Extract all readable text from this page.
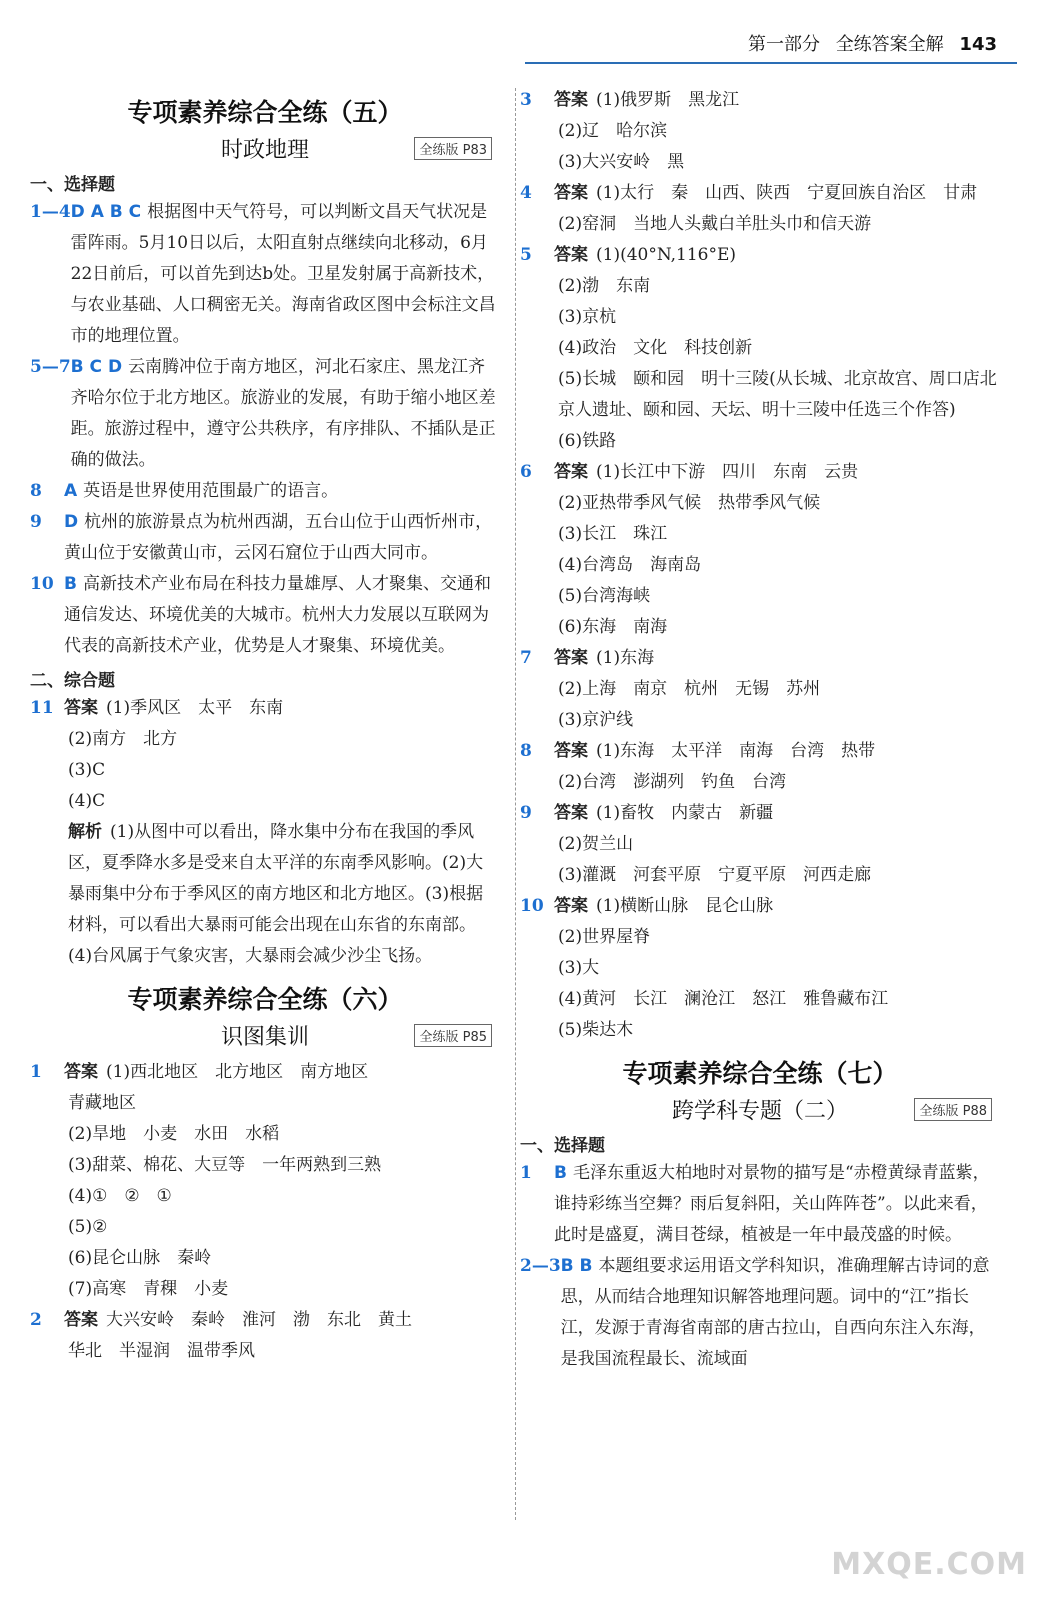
第一部分 全练答案全解 143
专项素养综合全练（五）
时政地理	全练版 P83
一、选择题
1—4 D A B C 根据图中天气符号，可以判断文昌天气状况是雷阵雨。5月10日以后，太阳直射点继续向北移动，6月22日前后，可以首先到达b处。卫星发射属于高新技术，与农业基础、人口稠密无关。海南省政区图中会标注文昌市的地理位置。
5—7 B C D 云南腾冲位于南方地区，河北石家庄、黑龙江齐齐哈尔位于北方地区。旅游业的发展，有助于缩小地区差距。旅游过程中，遵守公共秩序，有序排队、不插队是正确的做法。
8	A 英语是世界使用范围最广的语言。
9	D 杭州的旅游景点为杭州西湖，五台山位于山西忻州市，黄山位于安徽黄山市，云冈石窟位于山西大同市。
10 B 高新技术产业布局在科技力量雄厚、人才聚集、交通和通信发达、环境优美的大城市。杭州大力发展以互联网为代表的高新技术产业，优势是人才聚集、环境优美。
二、综合题
11 答案 (1)季风区　太平　东南
(2)南方　北方
(3)C
(4)C
解析 (1)从图中可以看出，降水集中分布在我国的季风区，夏季降水多是受来自太平洋的东南季风影响。(2)大暴雨集中分布于季风区的南方地区和北方地区。(3)根据材料，可以看出大暴雨可能会出现在山东省的东南部。(4)台风属于气象灾害，大暴雨会减少沙尘飞扬。
专项素养综合全练（六）
识图集训	全练版 P85
1	答案 (1)西北地区　北方地区　南方地区
青藏地区
(2)旱地　小麦　水田　水稻
(3)甜菜、棉花、大豆等　一年两熟到三熟
(4)①　②　①
(5)②
(6)昆仑山脉　秦岭
(7)高寒　青稞　小麦
2	答案 大兴安岭　秦岭　淮河　渤　东北　黄土
华北　半湿润　温带季风
3	答案 (1)俄罗斯　黑龙江
(2)辽　哈尔滨
(3)大兴安岭　黑
4	答案 (1)太行　秦　山西、陕西　宁夏回族自治区　甘肃
(2)窑洞　当地人头戴白羊肚头巾和信天游
5	答案 (1)(40°N,116°E)
(2)渤　东南
(3)京杭
(4)政治　文化　科技创新
(5)长城　颐和园　明十三陵(从长城、北京故宫、周口店北京人遗址、颐和园、天坛、明十三陵中任选三个作答)
(6)铁路
6	答案 (1)长江中下游　四川　东南　云贵
(2)亚热带季风气候　热带季风气候
(3)长江　珠江
(4)台湾岛　海南岛
(5)台湾海峡
(6)东海　南海
7	答案 (1)东海
(2)上海　南京　杭州　无锡　苏州
(3)京沪线
8	答案 (1)东海　太平洋　南海　台湾　热带
(2)台湾　澎湖列　钓鱼　台湾
9	答案 (1)畜牧　内蒙古　新疆
(2)贺兰山
(3)灌溉　河套平原　宁夏平原　河西走廊
10 答案 (1)横断山脉　昆仑山脉
(2)世界屋脊
(3)大
(4)黄河　长江　澜沧江　怒江　雅鲁藏布江
(5)柴达木
专项素养综合全练（七）
跨学科专题（二）	全练版 P88
一、选择题
1	B 毛泽东重返大柏地时对景物的描写是“赤橙黄绿青蓝紫，谁持彩练当空舞？雨后复斜阳，关山阵阵苍”。以此来看，此时是盛夏，满目苍绿，植被是一年中最茂盛的时候。
2—3 B B 本题组要求运用语文学科知识，准确理解古诗词的意思，从而结合地理知识解答地理问题。词中的“江”指长江，发源于青海省南部的唐古拉山，自西向东注入东海，是我国流程最长、流域面
MXQE.COM
